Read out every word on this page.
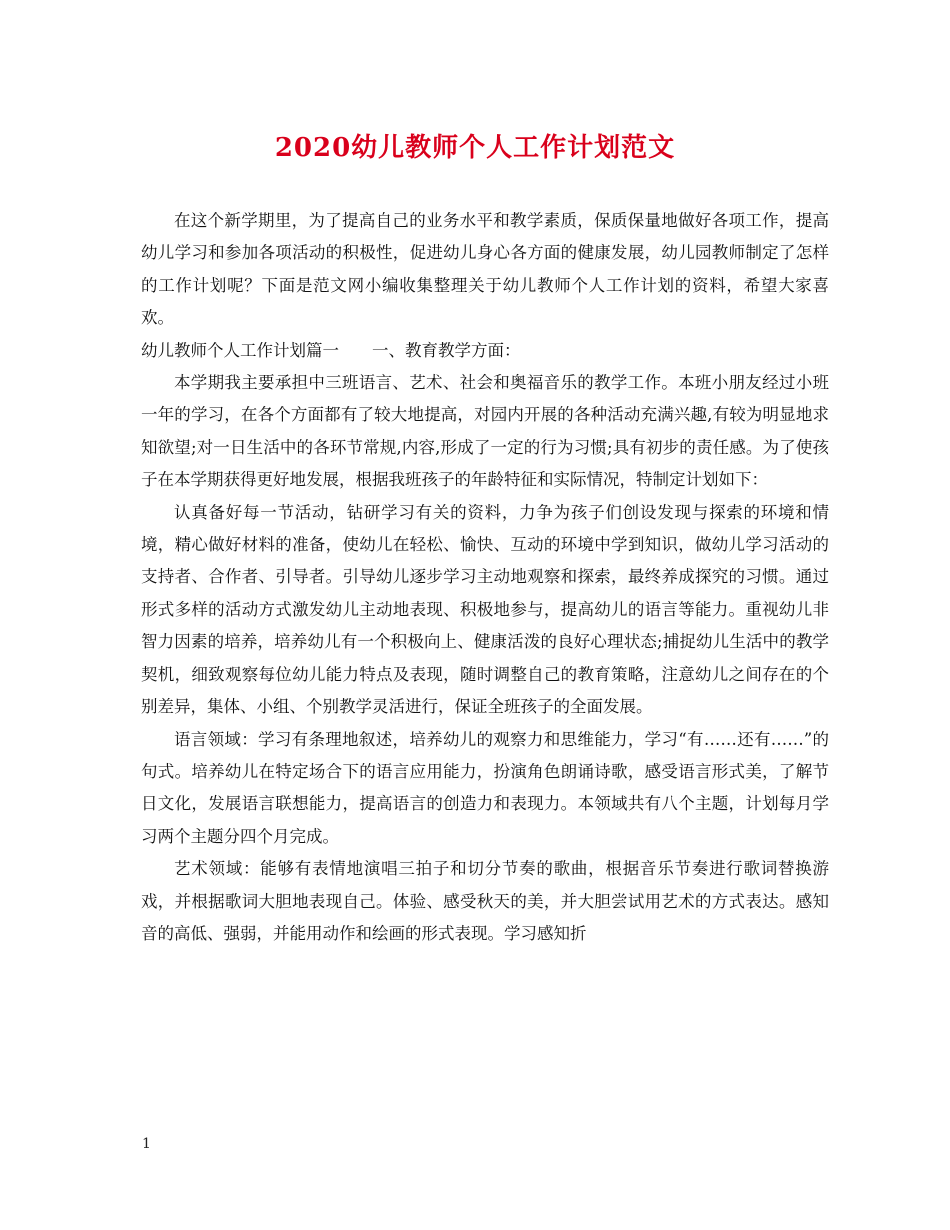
2020幼儿教师个人工作计划范文

在这个新学期里，为了提高自己的业务水平和教学素质，保质保量地做好各项工作，提高幼儿学习和参加各项活动的积极性，促进幼儿身心各方面的健康发展，幼儿园教师制定了怎样的工作计划呢？下面是范文网小编收集整理关于幼儿教师个人工作计划的资料，希望大家喜欢。

幼儿教师个人工作计划篇一　　一、教育教学方面：

本学期我主要承担中三班语言、艺术、社会和奥福音乐的教学工作。本班小朋友经过小班一年的学习，在各个方面都有了较大地提高，对园内开展的各种活动充满兴趣,有较为明显地求知欲望;对一日生活中的各环节常规,内容,形成了一定的行为习惯;具有初步的责任感。为了使孩子在本学期获得更好地发展，根据我班孩子的年龄特征和实际情况，特制定计划如下：

认真备好每一节活动，钻研学习有关的资料，力争为孩子们创设发现与探索的环境和情境，精心做好材料的准备，使幼儿在轻松、愉快、互动的环境中学到知识，做幼儿学习活动的支持者、合作者、引导者。引导幼儿逐步学习主动地观察和探索，最终养成探究的习惯。通过形式多样的活动方式激发幼儿主动地表现、积极地参与，提高幼儿的语言等能力。重视幼儿非智力因素的培养，培养幼儿有一个积极向上、健康活泼的良好心理状态;捕捉幼儿生活中的教学契机，细致观察每位幼儿能力特点及表现，随时调整自己的教育策略，注意幼儿之间存在的个别差异，集体、小组、个别教学灵活进行，保证全班孩子的全面发展。

语言领域：学习有条理地叙述，培养幼儿的观察力和思维能力，学习“有……还有……”的句式。培养幼儿在特定场合下的语言应用能力，扮演角色朗诵诗歌，感受语言形式美，了解节日文化，发展语言联想能力，提高语言的创造力和表现力。本领域共有八个主题，计划每月学习两个主题分四个月完成。

艺术领域：能够有表情地演唱三拍子和切分节奏的歌曲，根据音乐节奏进行歌词替换游戏，并根据歌词大胆地表现自己。体验、感受秋天的美，并大胆尝试用艺术的方式表达。感知音的高低、强弱，并能用动作和绘画的形式表现。学习感知折

1
